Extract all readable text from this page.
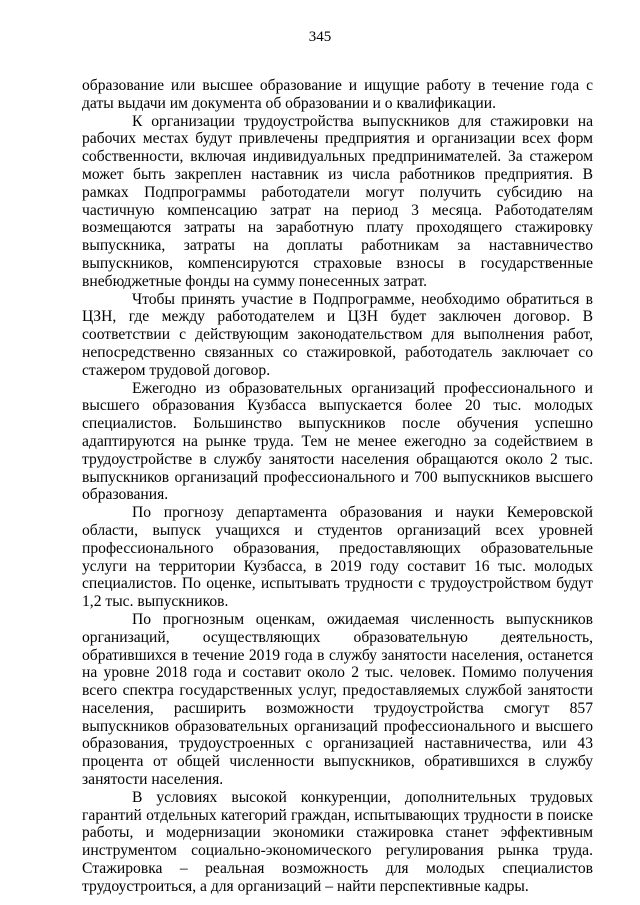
345

образование или высшее образование и ищущие работу в течение года с даты выдачи им документа об образовании и о квалификации.

К организации трудоустройства выпускников для стажировки на рабочих местах будут привлечены предприятия и организации всех форм собственности, включая индивидуальных предпринимателей. За стажером может быть закреплен наставник из числа работников предприятия. В рамках Подпрограммы работодатели могут получить субсидию на частичную компенсацию затрат на период 3 месяца. Работодателям возмещаются затраты на заработную плату проходящего стажировку выпускника, затраты на доплаты работникам за наставничество выпускников, компенсируются страховые взносы в государственные внебюджетные фонды на сумму понесенных затрат.

Чтобы принять участие в Подпрограмме, необходимо обратиться в ЦЗН, где между работодателем и ЦЗН будет заключен договор. В соответствии с действующим законодательством для выполнения работ, непосредственно связанных со стажировкой, работодатель заключает со стажером трудовой договор.

Ежегодно из образовательных организаций профессионального и высшего образования Кузбасса выпускается более 20 тыс. молодых специалистов. Большинство выпускников после обучения успешно адаптируются на рынке труда. Тем не менее ежегодно за содействием в трудоустройстве в службу занятости населения обращаются около 2 тыс. выпускников организаций профессионального и 700 выпускников высшего образования.

По прогнозу департамента образования и науки Кемеровской области, выпуск учащихся и студентов организаций всех уровней профессионального образования, предоставляющих образовательные услуги на территории Кузбасса, в 2019 году составит 16 тыс. молодых специалистов. По оценке, испытывать трудности с трудоустройством будут 1,2 тыс. выпускников.

По прогнозным оценкам, ожидаемая численность выпускников организаций, осуществляющих образовательную деятельность, обратившихся в течение 2019 года в службу занятости населения, останется на уровне 2018 года и составит около 2 тыс. человек. Помимо получения всего спектра государственных услуг, предоставляемых службой занятости населения, расширить возможности трудоустройства смогут 857 выпускников образовательных организаций профессионального и высшего образования, трудоустроенных с организацией наставничества, или 43 процента от общей численности выпускников, обратившихся в службу занятости населения.

В условиях высокой конкуренции, дополнительных трудовых гарантий отдельных категорий граждан, испытывающих трудности в поиске работы, и модернизации экономики стажировка станет эффективным инструментом социально-экономического регулирования рынка труда. Стажировка – реальная возможность для молодых специалистов трудоустроиться, а для организаций – найти перспективные кадры.
